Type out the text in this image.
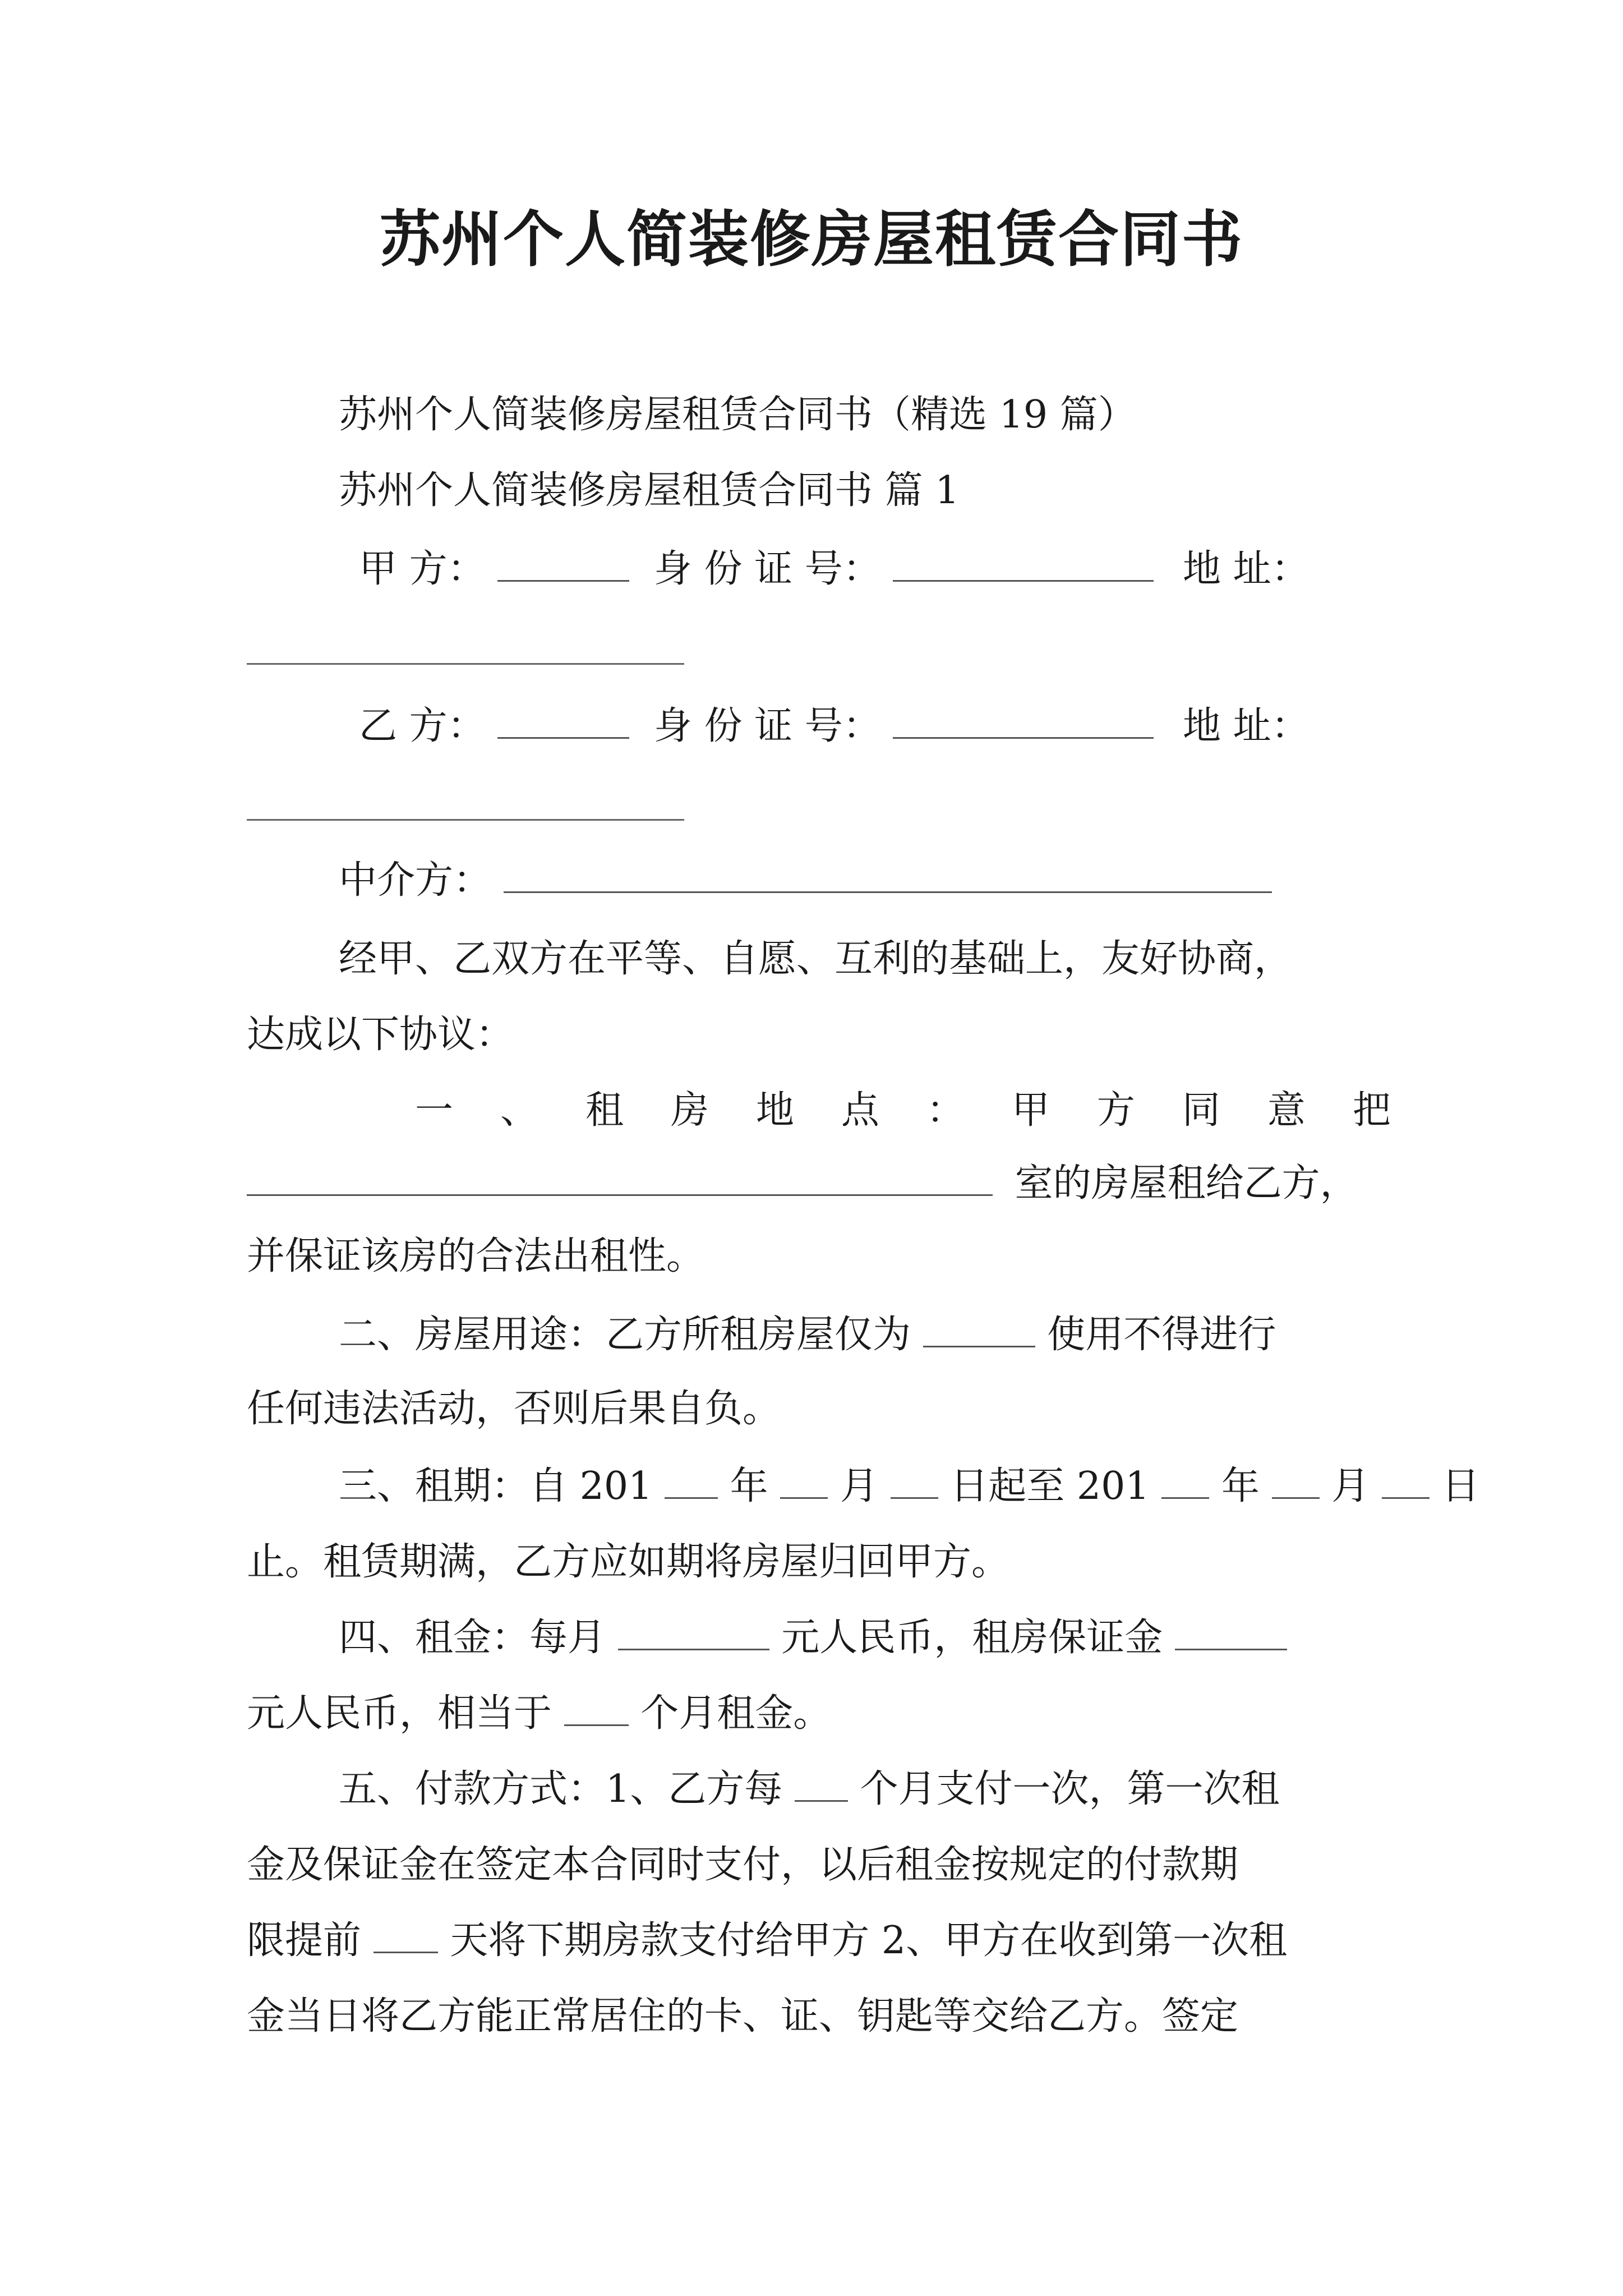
苏州个人简装修房屋租赁合同书
苏州个人简装修房屋租赁合同书（精选 19 篇）
苏州个人简装修房屋租赁合同书 篇 1
甲 方：	身 份 证 号：	地 址：
乙 方：	身 份 证 号：	地 址：
中介方：
经甲、乙双方在平等、自愿、互利的基础上，友好协商，
达成以下协议：
一 、 租 房 地 点 ： 甲 方 同 意 把
室的房屋租给乙方，
并保证该房的合法出租性。
二、房屋用途：乙方所租房屋仅为	使用不得进行
任何违法活动，否则后果自负。
三、租期：自 201 年 月 日起至 201 年 月 日
止。租赁期满，乙方应如期将房屋归回甲方。
四、租金：每月	元人民币，租房保证金
元人民币，相当于 个月租金。
五、付款方式：1、乙方每 个月支付一次，第一次租
金及保证金在签定本合同时支付，以后租金按规定的付款期
限提前 天将下期房款支付给甲方 2、甲方在收到第一次租
金当日将乙方能正常居住的卡、证、钥匙等交给乙方。签定
